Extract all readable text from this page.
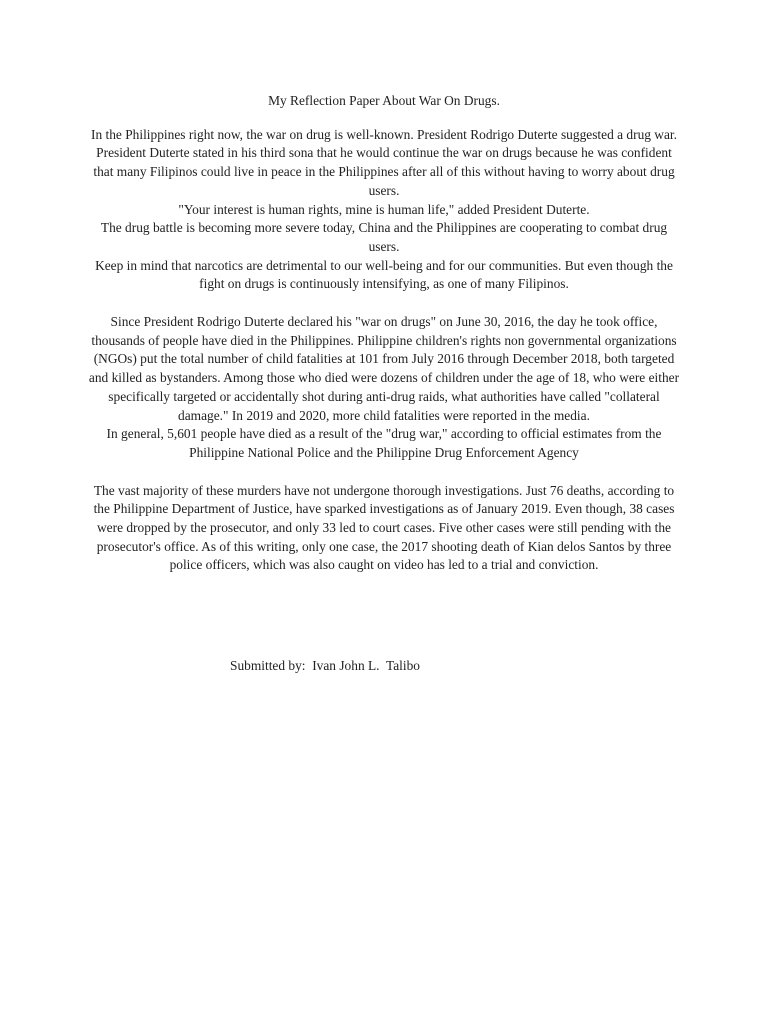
My Reflection Paper About War On Drugs.

In the Philippines right now, the war on drug is well-known. President Rodrigo Duterte suggested a drug war.

President Duterte stated in his third sona that he would continue the war on drugs because he was confident that many Filipinos could live in peace in the Philippines after all of this without having to worry about drug users.

"Your interest is human rights, mine is human life," added President Duterte.

The drug battle is becoming more severe today, China and the Philippines are cooperating to combat drug users.

Keep in mind that narcotics are detrimental to our well-being and for our communities. But even though the fight on drugs is continuously intensifying, as one of many Filipinos.

Since President Rodrigo Duterte declared his "war on drugs" on June 30, 2016, the day he took office, thousands of people have died in the Philippines. Philippine children's rights non governmental organizations (NGOs) put the total number of child fatalities at 101 from July 2016 through December 2018, both targeted and killed as bystanders. Among those who died were dozens of children under the age of 18, who were either specifically targeted or accidentally shot during anti-drug raids, what authorities have called "collateral damage." In 2019 and 2020, more child fatalities were reported in the media.

In general, 5,601 people have died as a result of the "drug war," according to official estimates from the Philippine National Police and the Philippine Drug Enforcement Agency

The vast majority of these murders have not undergone thorough investigations. Just 76 deaths, according to the Philippine Department of Justice, have sparked investigations as of January 2019. Even though, 38 cases were dropped by the prosecutor, and only 33 led to court cases. Five other cases were still pending with the prosecutor's office. As of this writing, only one case, the 2017 shooting death of Kian delos Santos by three police officers, which was also caught on video has led to a trial and conviction.

Submitted by:  Ivan John L.  Talibo
